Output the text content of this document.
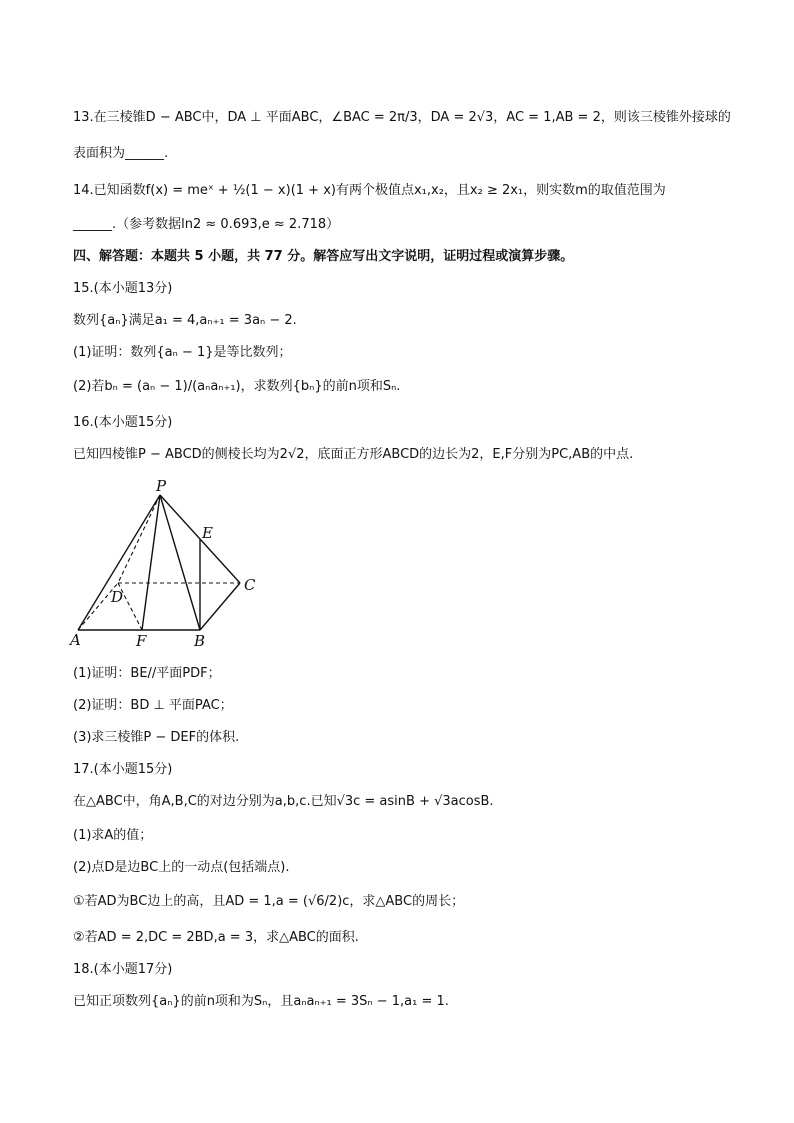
13.在三棱锥D − ABC中，DA ⊥ 平面ABC，∠BAC = 2π/3，DA = 2√3，AC = 1,AB = 2，则该三棱锥外接球的
表面积为______.
14.已知函数f(x) = meˣ + ½(1 − x)(1 + x)有两个极值点x₁,x₂，且x₂ ≥ 2x₁，则实数m的取值范围为
______.（参考数据ln2 ≈ 0.693,e ≈ 2.718）
四、解答题：本题共 5 小题，共 77 分。解答应写出文字说明，证明过程或演算步骤。
15.(本小题13分)
数列{aₙ}满足a₁ = 4,aₙ₊₁ = 3aₙ − 2.
(1)证明：数列{aₙ − 1}是等比数列；
(2)若bₙ = (aₙ − 1)/(aₙaₙ₊₁)，求数列{bₙ}的前n项和Sₙ.
16.(本小题15分)
已知四棱锥P − ABCD的侧棱长均为2√2，底面正方形ABCD的边长为2，E,F分别为PC,AB的中点.
P
E
C
D
A	F	B
(1)证明：BE//平面PDF；
(2)证明：BD ⊥ 平面PAC；
(3)求三棱锥P − DEF的体积.
17.(本小题15分)
在△ABC中，角A,B,C的对边分别为a,b,c.已知√3c = asinB + √3acosB.
(1)求A的值；
(2)点D是边BC上的一动点(包括端点).
①若AD为BC边上的高，且AD = 1,a = (√6/2)c，求△ABC的周长；
②若AD = 2,DC = 2BD,a = 3，求△ABC的面积.
18.(本小题17分)
已知正项数列{aₙ}的前n项和为Sₙ，且aₙaₙ₊₁ = 3Sₙ − 1,a₁ = 1.
